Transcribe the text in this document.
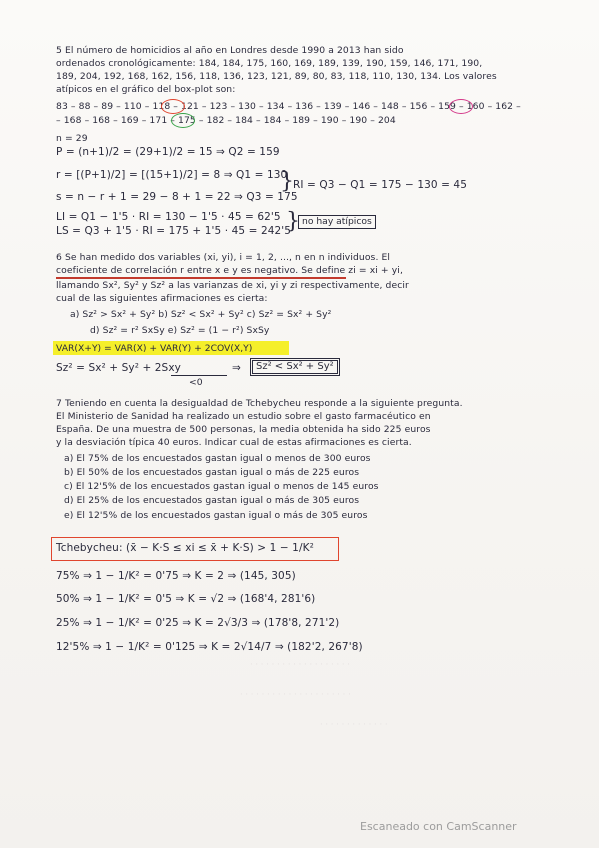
· · · · · · · · · · · · · · · · · · ·
· · · · · · · · · · · · · · · · · · · · ·
· · · · · · · · · · · · ·
5 El número de homicidios al año en Londres desde 1990 a 2013 han sido
ordenados cronológicamente: 184, 184, 175, 160, 169, 189, 139, 190, 159, 146, 171, 190,
189, 204, 192, 168, 162, 156, 118, 136, 123, 121, 89, 80, 83, 118, 110, 130, 134. Los valores
atípicos en el gráfico del box-plot son:
83 – 88 – 89 – 110 – 118 – 121 – 123 – 130 – 134 – 136 – 139 – 146 – 148 – 156 – 159 – 160 – 162 –
– 168 – 168 – 169 – 171 – 175 – 182 – 184 – 184 – 189 – 190 – 190 – 204
n = 29
P = (n+1)/2 = (29+1)/2 = 15 ⇒ Q2 = 159
r = [(P+1)/2] = [(15+1)/2] = 8 ⇒ Q1 = 130
s = n − r + 1 = 29 − 8 + 1 = 22 ⇒ Q3 = 175
} RI = Q3 − Q1 = 175 − 130 = 45
LI = Q1 − 1'5 · RI = 130 − 1'5 · 45 = 62'5
LS = Q3 + 1'5 · RI = 175 + 1'5 · 45 = 242'5
} no hay atípicos
6 Se han medido dos variables (xi, yi), i = 1, 2, ..., n en n individuos. El
coeficiente de correlación r entre x e y es negativo. Se define zi = xi + yi,
llamando Sx², Sy² y Sz² a las varianzas de xi, yi y zi respectivamente, decir
cual de las siguientes afirmaciones es cierta:
a) Sz² > Sx² + Sy² b) Sz² < Sx² + Sy² c) Sz² = Sx² + Sy²
d) Sz² = r² SxSy e) Sz² = (1 − r²) SxSy
VAR(X+Y) = VAR(X) + VAR(Y) + 2COV(X,Y)
Sz² = Sx² + Sy² + 2Sxy
<0
⇒	Sz² < Sx² + Sy²
7 Teniendo en cuenta la desigualdad de Tchebycheu responde a la siguiente pregunta.
El Ministerio de Sanidad ha realizado un estudio sobre el gasto farmacéutico en
España. De una muestra de 500 personas, la media obtenida ha sido 225 euros
y la desviación típica 40 euros. Indicar cual de estas afirmaciones es cierta.
a) El 75% de los encuestados gastan igual o menos de 300 euros
b) El 50% de los encuestados gastan igual o más de 225 euros
c) El 12'5% de los encuestados gastan igual o menos de 145 euros
d) El 25% de los encuestados gastan igual o más de 305 euros
e) El 12'5% de los encuestados gastan igual o más de 305 euros
Tchebycheu: (x̄ − K·S ≤ xi ≤ x̄ + K·S) > 1 − 1/K²
75% ⇒ 1 − 1/K² = 0'75 ⇒ K = 2 ⇒ (145, 305)
50% ⇒ 1 − 1/K² = 0'5 ⇒ K = √2 ⇒ (168'4, 281'6)
25% ⇒ 1 − 1/K² = 0'25 ⇒ K = 2√3/3 ⇒ (178'8, 271'2)
12'5% ⇒ 1 − 1/K² = 0'125 ⇒ K = 2√14/7 ⇒ (182'2, 267'8)
Escaneado con CamScanner
